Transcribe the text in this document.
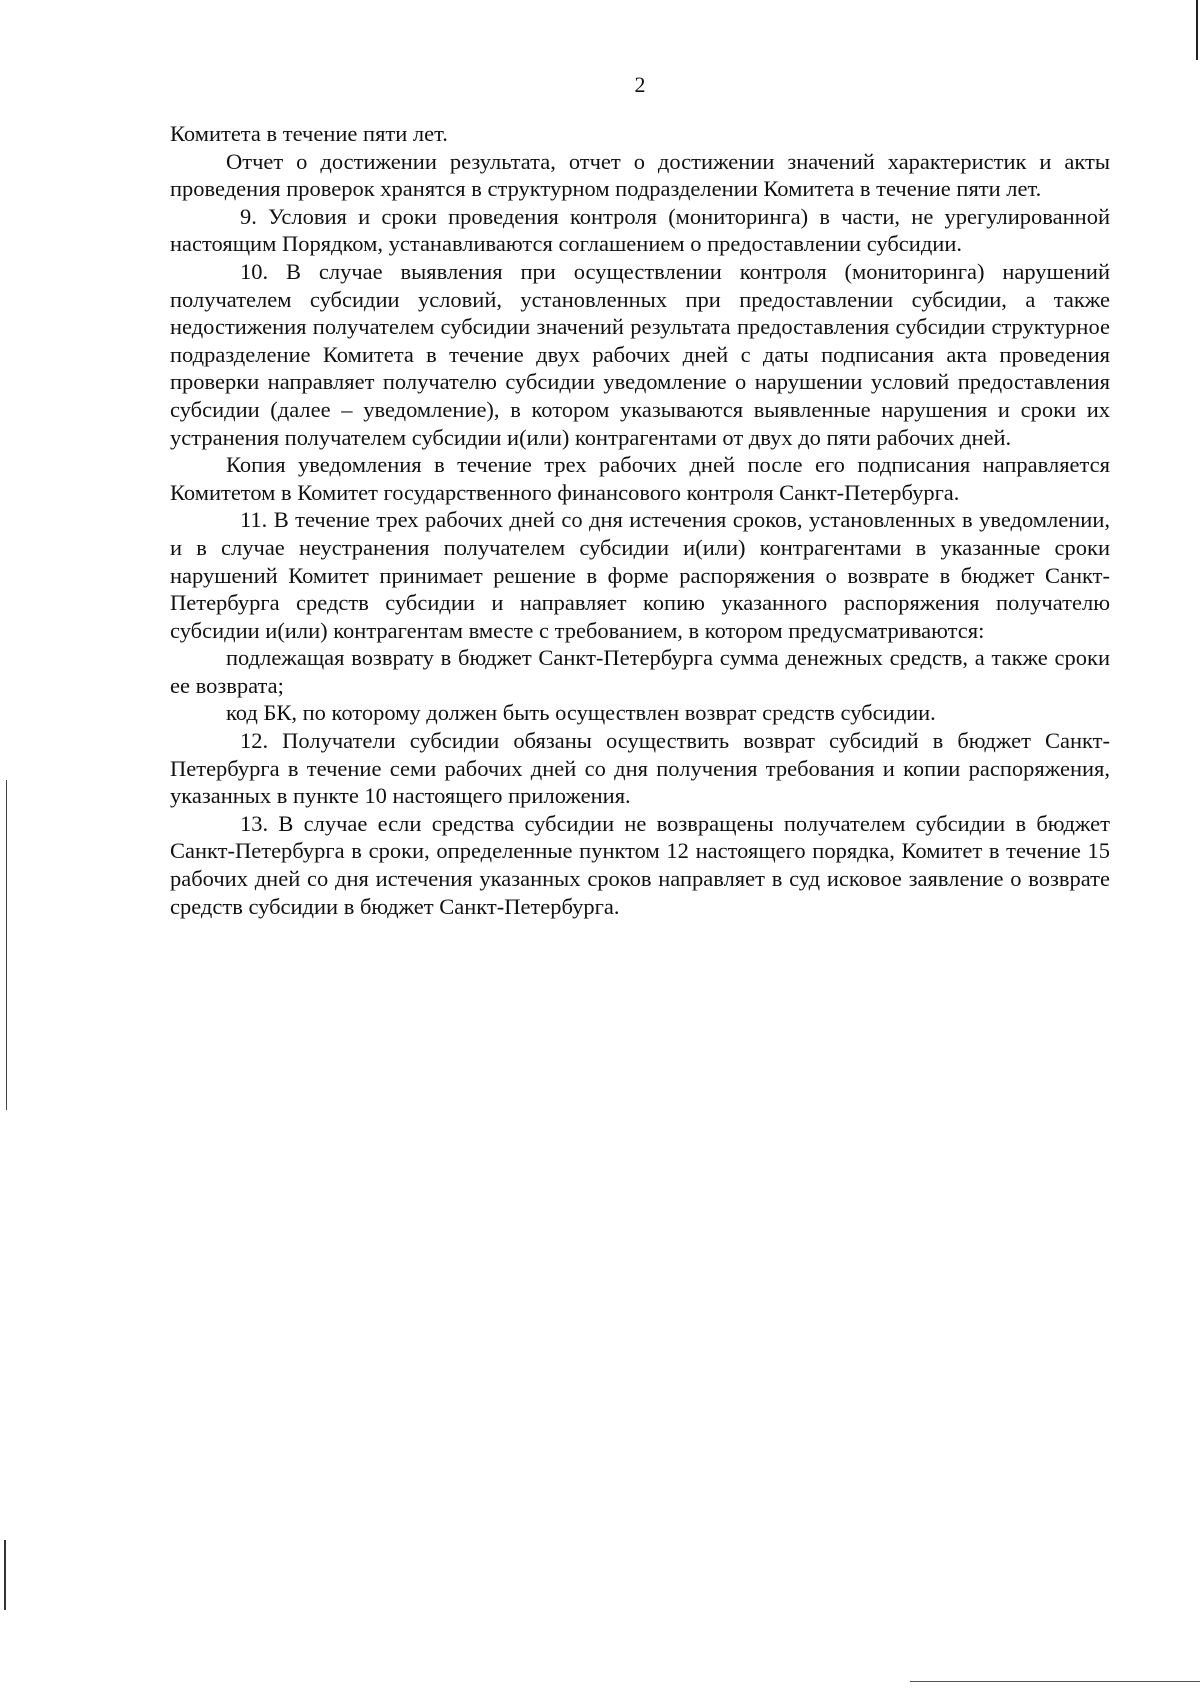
2

Комитета в течение пяти лет.

Отчет о достижении результата, отчет о достижении значений характеристик и акты проведения проверок хранятся в структурном подразделении Комитета в течение пяти лет.

9. Условия и сроки проведения контроля (мониторинга) в части, не урегулированной настоящим Порядком, устанавливаются соглашением о предоставлении субсидии.

10. В случае выявления при осуществлении контроля (мониторинга) нарушений получателем субсидии условий, установленных при предоставлении субсидии, а также недостижения получателем субсидии значений результата предоставления субсидии структурное подразделение Комитета в течение двух рабочих дней с даты подписания акта проведения проверки направляет получателю субсидии уведомление о нарушении условий предоставления субсидии (далее – уведомление), в котором указываются выявленные нарушения и сроки их устранения получателем субсидии и(или) контрагентами от двух до пяти рабочих дней.

Копия уведомления в течение трех рабочих дней после его подписания направляется Комитетом в Комитет государственного финансового контроля Санкт-Петербурга.

11. В течение трех рабочих дней со дня истечения сроков, установленных в уведомлении, и в случае неустранения получателем субсидии и(или) контрагентами в указанные сроки нарушений Комитет принимает решение в форме распоряжения о возврате в бюджет Санкт-Петербурга средств субсидии и направляет копию указанного распоряжения получателю субсидии и(или) контрагентам вместе с требованием, в котором предусматриваются:

подлежащая возврату в бюджет Санкт-Петербурга сумма денежных средств, а также сроки ее возврата;

код БК, по которому должен быть осуществлен возврат средств субсидии.

12. Получатели субсидии обязаны осуществить возврат субсидий в бюджет Санкт-Петербурга в течение семи рабочих дней со дня получения требования и копии распоряжения, указанных в пункте 10 настоящего приложения.

13. В случае если средства субсидии не возвращены получателем субсидии в бюджет Санкт-Петербурга в сроки, определенные пунктом 12 настоящего порядка, Комитет в течение 15 рабочих дней со дня истечения указанных сроков направляет в суд исковое заявление о возврате средств субсидии в бюджет Санкт-Петербурга.
